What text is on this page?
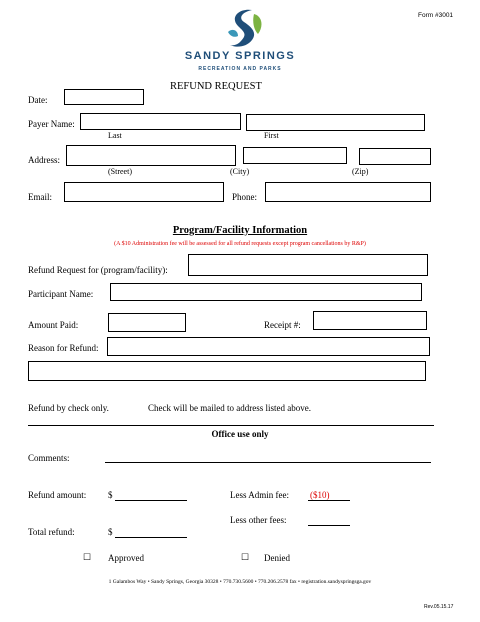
Form #3001
SANDY SPRINGS
RECREATION AND PARKS
REFUND REQUEST
Date:
Payer Name:
Last	First
Address:
(Street)	(City)	(Zip)
Email:	Phone:
Program/Facility Information
(A $10 Administration fee will be assessed for all refund requests except program cancellations by R&P)
Refund Request for (program/facility):
Participant Name:
Amount Paid:	Receipt #:
Reason for Refund:
Refund by check only.	Check will be mailed to address listed above.
Office use only
Comments:
Refund amount: $	Less Admin fee: ($10)
Less other fees:
Total refund:	$
☐ Approved	☐ Denied
1 Galambos Way • Sandy Springs, Georgia 30328 • 770.730.5600 • 770.206.2578 fax • registration.sandyspringsga.gov
Rev.05.15.17
